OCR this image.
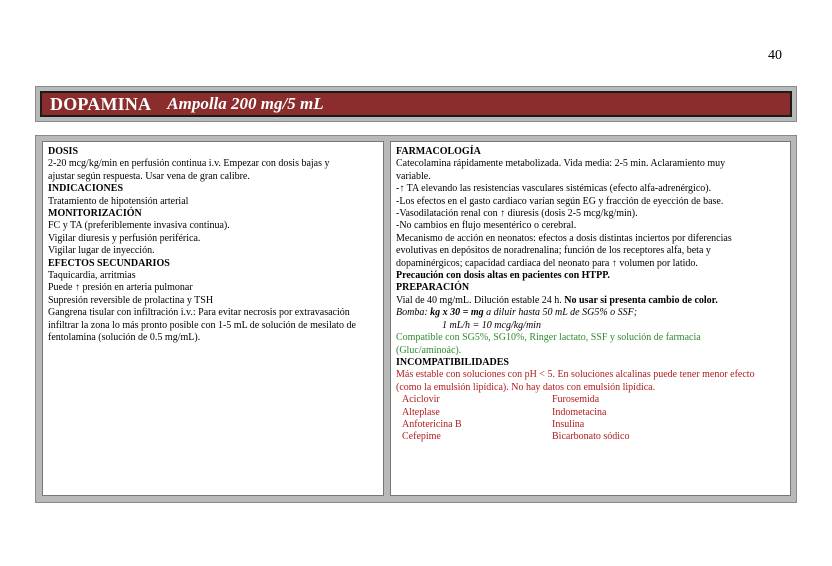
40
DOPAMINA Ampolla 200 mg/5 mL

DOSIS

2-20 mcg/kg/min en perfusión continua i.v. Empezar con dosis bajas y

ajustar según respuesta. Usar vena de gran calibre.

INDICACIONES

Tratamiento de hipotensión arterial

MONITORIZACIÓN

FC y TA (preferiblemente invasiva continua).

Vigilar diuresis y perfusión periférica.

Vigilar lugar de inyección.

EFECTOS SECUNDARIOS

Taquicardia, arritmias

Puede ↑ presión en arteria pulmonar

Supresión reversible de prolactina y TSH

Gangrena tisular con infiltración i.v.: Para evitar necrosis por extravasación

infiltrar la zona lo más pronto posible con 1-5 mL de solución de mesilato de

fentolamina (solución de 0.5 mg/mL).

FARMACOLOGÍA

Catecolamina rápidamente metabolizada. Vida media: 2-5 min. Aclaramiento muy

variable.

-↑ TA elevando las resistencias vasculares sistémicas (efecto alfa-adrenérgico).

-Los efectos en el gasto cardiaco varían según EG y fracción de eyección de base.

-Vasodilatación renal con ↑ diuresis (dosis 2-5 mcg/kg/min).

-No cambios en flujo mesentérico o cerebral.

Mecanismo de acción en neonatos: efectos a dosis distintas inciertos por diferencias

evolutivas en depósitos de noradrenalina; función de los receptores alfa, beta y

dopaminérgicos; capacidad cardiaca del neonato para ↑ volumen por latido.

Precaución con dosis altas en pacientes con HTPP.

PREPARACIÓN

Vial de 40 mg/mL. Dilución estable 24 h. No usar si presenta cambio de color.

Bomba: kg x 30 = mg a diluir hasta 50 mL de SG5% o SSF;

1 mL/h = 10 mcg/kg/min

Compatible con SG5%, SG10%, Ringer lactato, SSF y solución de farmacia

(Gluc/aminoác).

INCOMPATIBILIDADES

Más estable con soluciones con pH < 5. En soluciones alcalinas puede tener menor efecto

(como la emulsión lipídica). No hay datos con emulsión lipídica.

Aciclovir	Furosemida
Alteplase	Indometacina
Anfotericina B	Insulina
Cefepime	Bicarbonato sódico
